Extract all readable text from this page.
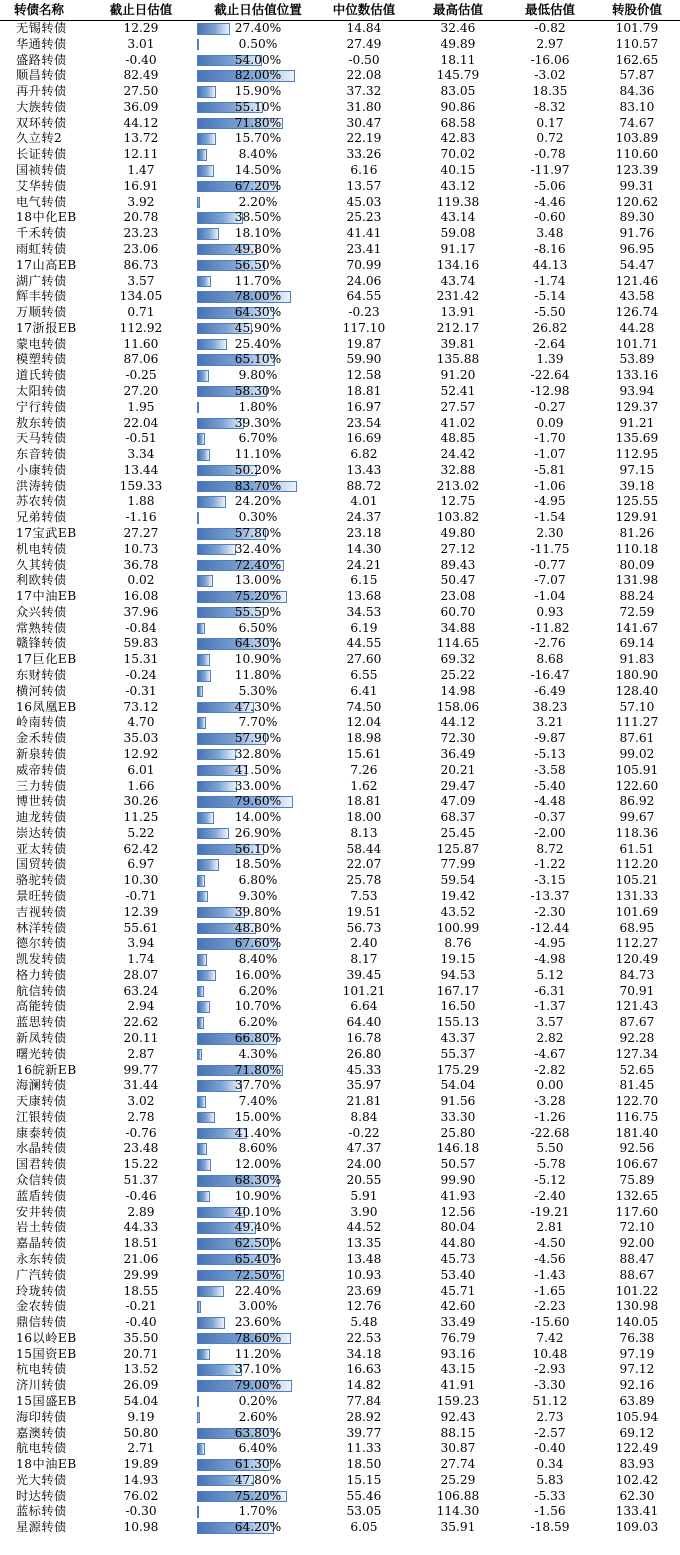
转债名称	截止日估值	截止日估值位置	中位数估值	最高估值	最低估值	转股价值
无锡转债	12.29	27.40%	14.84	32.46	-0.82	101.79
华通转债	3.01	0.50%	27.49	49.89	2.97	110.57
盛路转债	-0.40	54.00%	-0.50	18.11	-16.06	162.65
顺昌转债	82.49	82.00%	22.08	145.79	-3.02	57.87
再升转债	27.50	15.90%	37.32	83.05	18.35	84.36
大族转债	36.09	55.10%	31.80	90.86	-8.32	83.10
双环转债	44.12	71.80%	30.47	68.58	0.17	74.67
久立转2	13.72	15.70%	22.19	42.83	0.72	103.89
长证转债	12.11	8.40%	33.26	70.02	-0.78	110.60
国祯转债	1.47	14.50%	6.16	40.15	-11.97	123.39
艾华转债	16.91	67.20%	13.57	43.12	-5.06	99.31
电气转债	3.92	2.20%	45.03	119.38	-4.46	120.62
18中化EB	20.78	38.50%	25.23	43.14	-0.60	89.30
千禾转债	23.23	18.10%	41.41	59.08	3.48	91.76
雨虹转债	23.06	49.80%	23.41	91.17	-8.16	96.95
17山高EB	86.73	56.50%	70.99	134.16	44.13	54.47
湖广转债	3.57	11.70%	24.06	43.74	-1.74	121.46
辉丰转债	134.05	78.00%	64.55	231.42	-5.14	43.58
万顺转债	0.71	64.30%	-0.23	13.91	-5.50	126.74
17浙报EB	112.92	45.90%	117.10	212.17	26.82	44.28
蒙电转债	11.60	25.40%	19.87	39.81	-2.64	101.71
模塑转债	87.06	65.10%	59.90	135.88	1.39	53.89
道氏转债	-0.25	9.80%	12.58	91.20	-22.64	133.16
太阳转债	27.20	58.30%	18.81	52.41	-12.98	93.94
宁行转债	1.95	1.80%	16.97	27.57	-0.27	129.37
敖东转债	22.04	39.30%	23.54	41.02	0.09	91.21
天马转债	-0.51	6.70%	16.69	48.85	-1.70	135.69
东音转债	3.34	11.10%	6.82	24.42	-1.07	112.95
小康转债	13.44	50.20%	13.43	32.88	-5.81	97.15
洪涛转债	159.33	83.70%	88.72	213.02	-1.06	39.18
苏农转债	1.88	24.20%	4.01	12.75	-4.95	125.55
兄弟转债	-1.16	0.30%	24.37	103.82	-1.54	129.91
17宝武EB	27.27	57.80%	23.18	49.80	2.30	81.26
机电转债	10.73	32.40%	14.30	27.12	-11.75	110.18
久其转债	36.78	72.40%	24.21	89.43	-0.77	80.09
利欧转债	0.02	13.00%	6.15	50.47	-7.07	131.98
17中油EB	16.08	75.20%	13.68	23.08	-1.04	88.24
众兴转债	37.96	55.50%	34.53	60.70	0.93	72.59
常熟转债	-0.84	6.50%	6.19	34.88	-11.82	141.67
赣锋转债	59.83	64.30%	44.55	114.65	-2.76	69.14
17巨化EB	15.31	10.90%	27.60	69.32	8.68	91.83
东财转债	-0.24	11.80%	6.55	25.22	-16.47	180.90
横河转债	-0.31	5.30%	6.41	14.98	-6.49	128.40
16凤凰EB	73.12	47.30%	74.50	158.06	38.23	57.10
岭南转债	4.70	7.70%	12.04	44.12	3.21	111.27
金禾转债	35.03	57.90%	18.98	72.30	-9.87	87.61
新泉转债	12.92	32.80%	15.61	36.49	-5.13	99.02
威帝转债	6.01	41.50%	7.26	20.21	-3.58	105.91
三力转债	1.66	33.00%	1.62	29.47	-5.40	122.60
博世转债	30.26	79.60%	18.81	47.09	-4.48	86.92
迪龙转债	11.25	14.00%	18.00	68.37	-0.37	99.67
崇达转债	5.22	26.90%	8.13	25.45	-2.00	118.36
亚太转债	62.42	56.10%	58.44	125.87	8.72	61.51
国贸转债	6.97	18.50%	22.07	77.99	-1.22	112.20
骆驼转债	10.30	6.80%	25.78	59.54	-3.15	105.21
景旺转债	-0.71	9.30%	7.53	19.42	-13.37	131.33
吉视转债	12.39	39.80%	19.51	43.52	-2.30	101.69
林洋转债	55.61	48.80%	56.73	100.99	-12.44	68.95
德尔转债	3.94	67.60%	2.40	8.76	-4.95	112.27
凯发转债	1.74	8.40%	8.17	19.15	-4.98	120.49
格力转债	28.07	16.00%	39.45	94.53	5.12	84.73
航信转债	63.24	6.20%	101.21	167.17	-6.31	70.91
高能转债	2.94	10.70%	6.64	16.50	-1.37	121.43
蓝思转债	22.62	6.20%	64.40	155.13	3.57	87.67
新凤转债	20.11	66.80%	16.78	43.37	2.82	92.28
曙光转债	2.87	4.30%	26.80	55.37	-4.67	127.34
16皖新EB	99.77	71.80%	45.33	175.29	-2.82	52.65
海澜转债	31.44	37.70%	35.97	54.04	0.00	81.45
天康转债	3.02	7.40%	21.81	91.56	-3.28	122.70
江银转债	2.78	15.00%	8.84	33.30	-1.26	116.75
康泰转债	-0.76	41.40%	-0.22	25.80	-22.68	181.40
水晶转债	23.48	8.60%	47.37	146.18	5.50	92.56
国君转债	15.22	12.00%	24.00	50.57	-5.78	106.67
众信转债	51.37	68.30%	20.55	99.90	-5.12	75.89
蓝盾转债	-0.46	10.90%	5.91	41.93	-2.40	132.65
安井转债	2.89	40.10%	3.90	12.56	-19.21	117.60
岩土转债	44.33	49.40%	44.52	80.04	2.81	72.10
嘉晶转债	18.51	62.50%	13.35	44.80	-4.50	92.00
永东转债	21.06	65.40%	13.48	45.73	-4.56	88.47
广汽转债	29.99	72.50%	10.93	53.40	-1.43	88.67
玲珑转债	18.55	22.40%	23.69	45.71	-1.65	101.22
金农转债	-0.21	3.00%	12.76	42.60	-2.23	130.98
鼎信转债	-0.40	23.60%	5.48	33.49	-15.60	140.05
16以岭EB	35.50	78.60%	22.53	76.79	7.42	76.38
15国资EB	20.71	11.20%	34.18	93.16	10.48	97.19
杭电转债	13.52	37.10%	16.63	43.15	-2.93	97.12
济川转债	26.09	79.00%	14.82	41.91	-3.30	92.16
15国盛EB	54.04	0.20%	77.84	159.23	51.12	63.89
海印转债	9.19	2.60%	28.92	92.43	2.73	105.94
嘉澳转债	50.80	63.80%	39.77	88.15	-2.57	69.12
航电转债	2.71	6.40%	11.33	30.87	-0.40	122.49
18中油EB	19.89	61.30%	18.50	27.74	0.34	83.93
光大转债	14.93	47.80%	15.15	25.29	5.83	102.42
时达转债	76.02	75.20%	55.46	106.88	-5.33	62.30
蓝标转债	-0.30	1.70%	53.05	114.30	-1.56	133.41
星源转债	10.98	64.20%	6.05	35.91	-18.59	109.03
